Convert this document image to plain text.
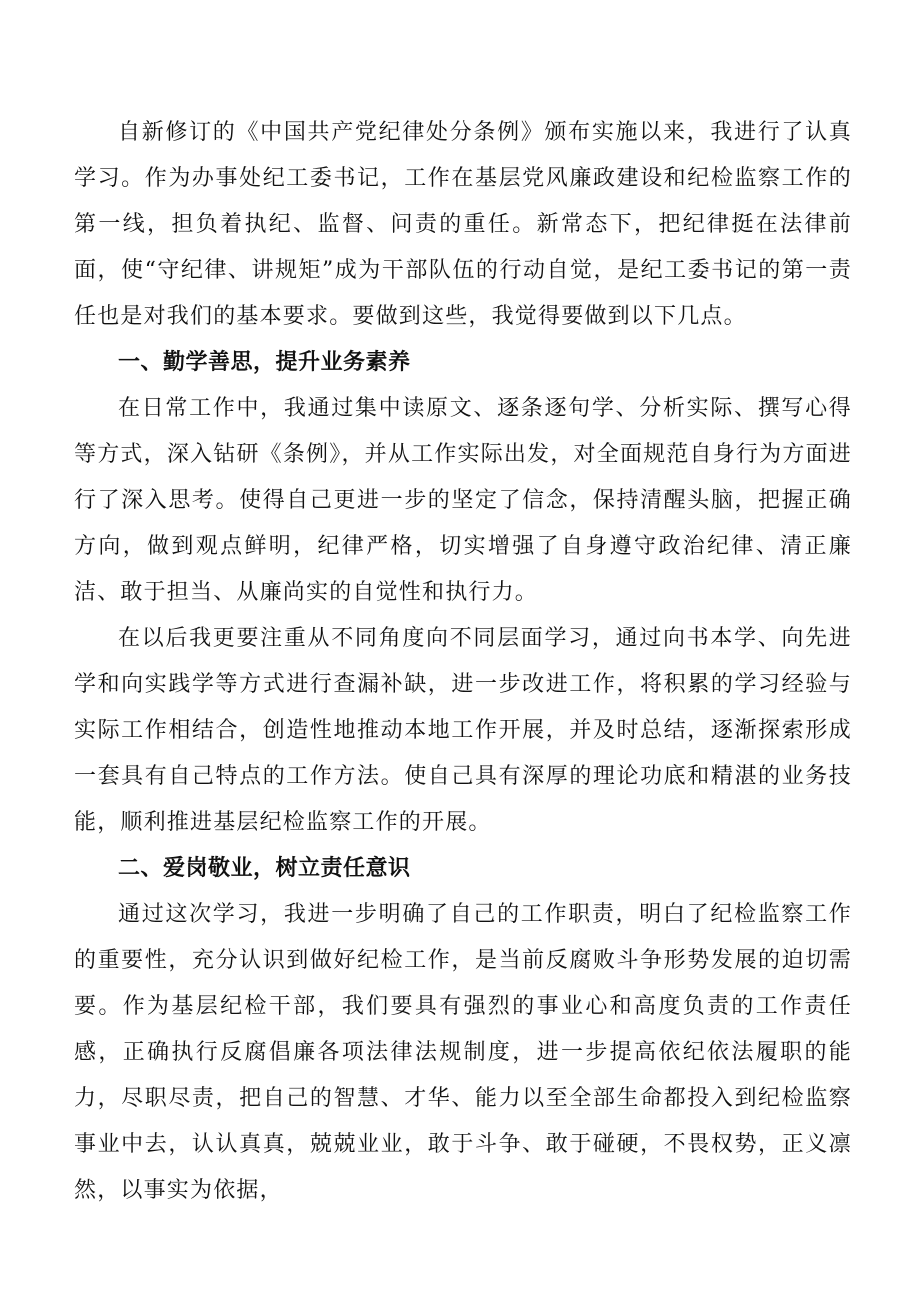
自新修订的《中国共产党纪律处分条例》颁布实施以来，我进行了认真学习。作为办事处纪工委书记，工作在基层党风廉政建设和纪检监察工作的第一线，担负着执纪、监督、问责的重任。新常态下，把纪律挺在法律前面，使“守纪律、讲规矩”成为干部队伍的行动自觉，是纪工委书记的第一责任也是对我们的基本要求。要做到这些，我觉得要做到以下几点。

一、勤学善思，提升业务素养

在日常工作中，我通过集中读原文、逐条逐句学、分析实际、撰写心得等方式，深入钻研《条例》，并从工作实际出发，对全面规范自身行为方面进行了深入思考。使得自己更进一步的坚定了信念，保持清醒头脑，把握正确方向，做到观点鲜明，纪律严格，切实增强了自身遵守政治纪律、清正廉洁、敢于担当、从廉尚实的自觉性和执行力。

在以后我更要注重从不同角度向不同层面学习，通过向书本学、向先进学和向实践学等方式进行查漏补缺，进一步改进工作，将积累的学习经验与实际工作相结合，创造性地推动本地工作开展，并及时总结，逐渐探索形成一套具有自己特点的工作方法。使自己具有深厚的理论功底和精湛的业务技能，顺利推进基层纪检监察工作的开展。

二、爱岗敬业，树立责任意识

通过这次学习，我进一步明确了自己的工作职责，明白了纪检监察工作的重要性，充分认识到做好纪检工作，是当前反腐败斗争形势发展的迫切需要。作为基层纪检干部，我们要具有强烈的事业心和高度负责的工作责任感，正确执行反腐倡廉各项法律法规制度，进一步提高依纪依法履职的能力，尽职尽责，把自己的智慧、才华、能力以至全部生命都投入到纪检监察事业中去，认认真真，兢兢业业，敢于斗争、敢于碰硬，不畏权势，正义凛然，以事实为依据，
